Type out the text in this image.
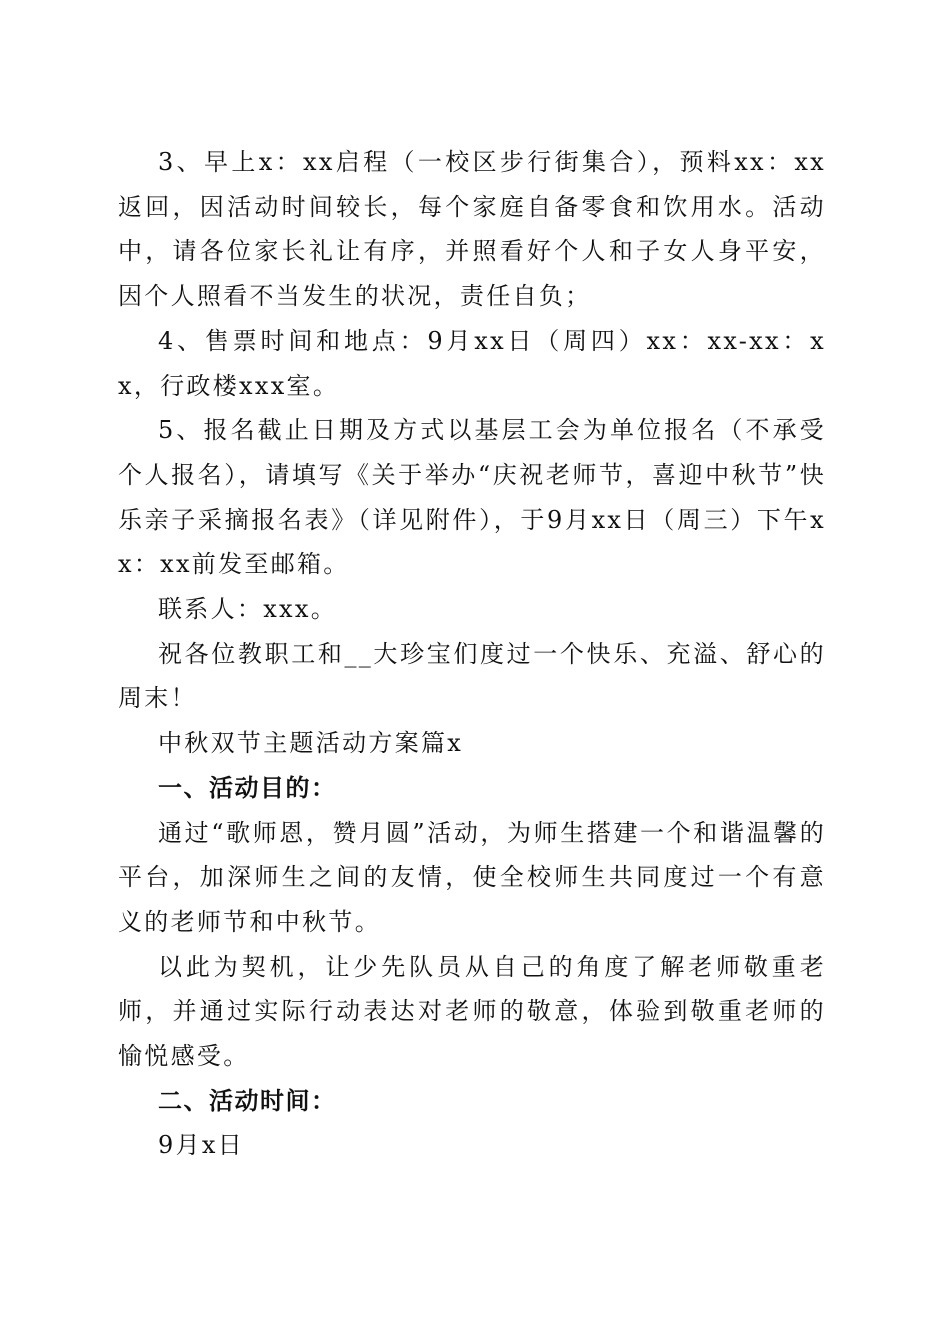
3、早上x：xx启程（一校区步行街集合），预料xx：xx返回，因活动时间较长，每个家庭自备零食和饮用水。活动中，请各位家长礼让有序，并照看好个人和子女人身平安，因个人照看不当发生的状况，责任自负；

4、售票时间和地点：9月xx日（周四）xx：xx-xx：xx，行政楼xxx室。

5、报名截止日期及方式以基层工会为单位报名（不承受个人报名），请填写《关于举办“庆祝老师节，喜迎中秋节”快乐亲子采摘报名表》（详见附件），于9月xx日（周三）下午xx：xx前发至邮箱。

联系人：xxx。

祝各位教职工和__大珍宝们度过一个快乐、充溢、舒心的周末！

中秋双节主题活动方案篇x

一、活动目的：

通过“歌师恩，赞月圆”活动，为师生搭建一个和谐温馨的平台，加深师生之间的友情，使全校师生共同度过一个有意义的老师节和中秋节。

以此为契机，让少先队员从自己的角度了解老师敬重老师，并通过实际行动表达对老师的敬意，体验到敬重老师的愉悦感受。

二、活动时间：

9月x日
